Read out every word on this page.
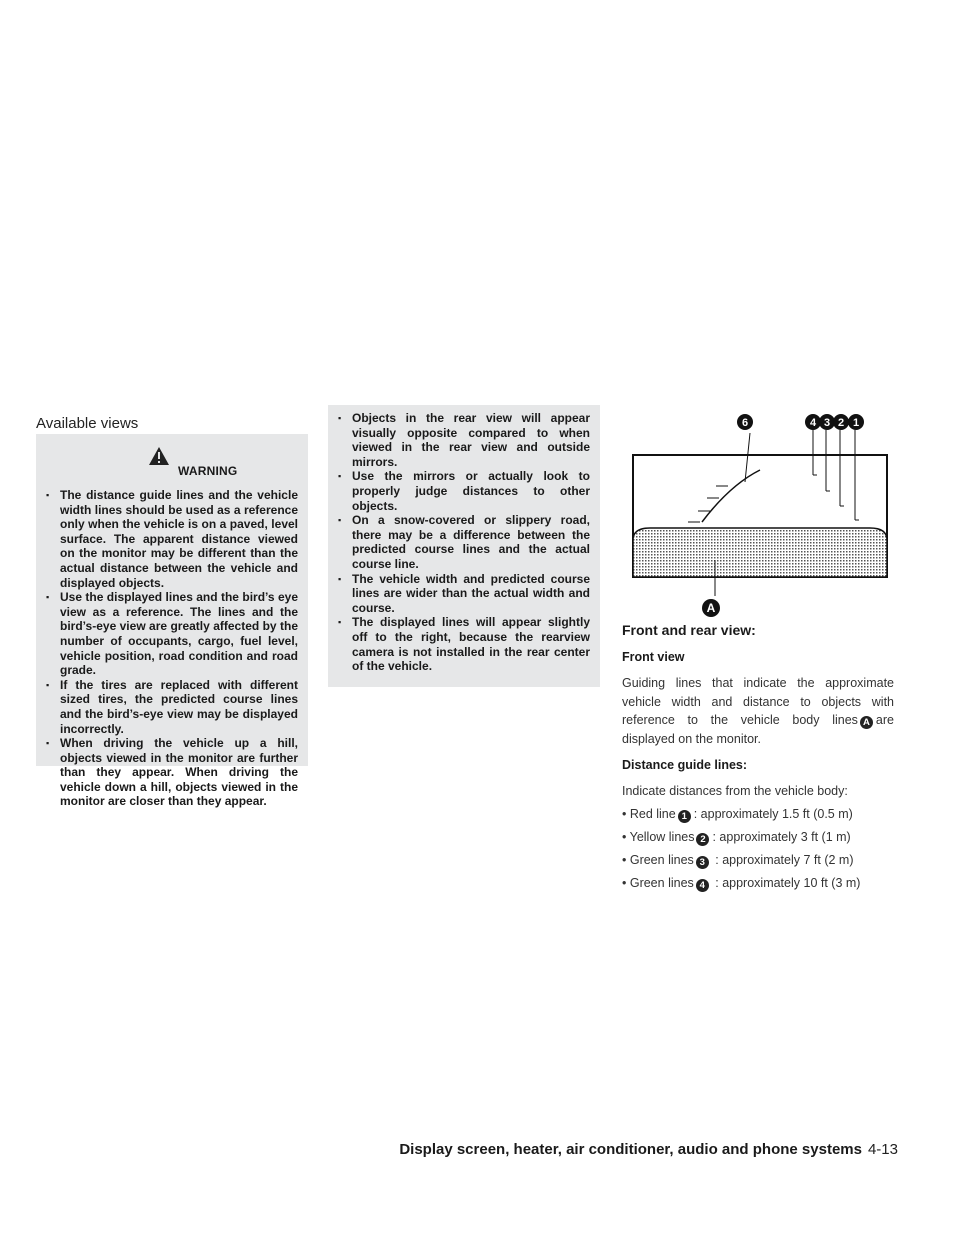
Available views
WARNING
▪ The distance guide lines and the vehicle width lines should be used as a reference only when the vehicle is on a paved, level surface. The apparent distance viewed on the monitor may be different than the actual distance between the vehicle and displayed objects.
▪ Use the displayed lines and the bird’s eye view as a reference. The lines and the bird’s-eye view are greatly affected by the number of occupants, cargo, fuel level, vehicle position, road condition and road grade.
▪ If the tires are replaced with different sized tires, the predicted course lines and the bird’s-eye view may be displayed incorrectly.
▪ When driving the vehicle up a hill, objects viewed in the monitor are further than they appear. When driving the vehicle down a hill, objects viewed in the monitor are closer than they appear.
▪ Objects in the rear view will appear visually opposite compared to when viewed in the rear view and outside mirrors.
▪ Use the mirrors or actually look to properly judge distances to other objects.
▪ On a snow-covered or slippery road, there may be a difference between the predicted course lines and the actual course line.
▪ The vehicle width and predicted course lines are wider than the actual width and course.
▪ The displayed lines will appear slightly off to the right, because the rearview camera is not installed in the rear center of the vehicle.
6	4 3 2 1
A
Front and rear view:
Front view

Guiding lines that indicate the approximate vehicle width and distance to objects with reference to the vehicle body lines A are displayed on the monitor.

Distance guide lines:

Indicate distances from the vehicle body:

• Red line 1 : approximately 1.5 ft (0.5 m)

• Yellow lines 2 : approximately 3 ft (1 m)

• Green lines 3 : approximately 7 ft (2 m)

• Green lines 4 : approximately 10 ft (3 m)

Display screen, heater, air conditioner, audio and phone systems 4-13
